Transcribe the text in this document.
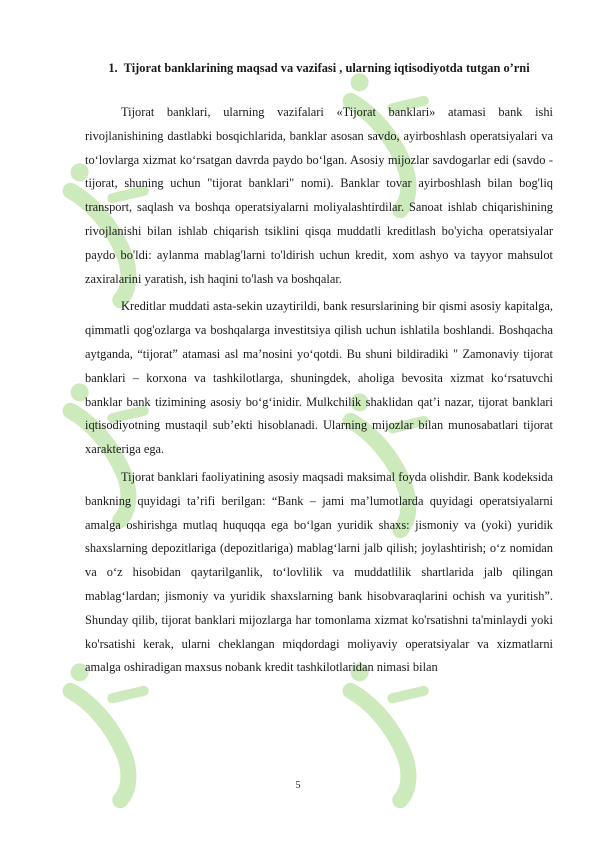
1. Tijorat banklarining maqsad va vazifasi , ularning iqtisodiyotda tutgan o’rni

Tijorat banklari, ularning vazifalari «Tijorat banklari» atamasi bank ishi rivojlanishining dastlabki bosqichlarida, banklar asosan savdo, ayirboshlash operatsiyalari va toʻlovlarga xizmat koʻrsatgan davrda paydo boʻlgan. Asosiy mijozlar savdogarlar edi (savdo - tijorat, shuning uchun "tijorat banklari" nomi). Banklar tovar ayirboshlash bilan bog'liq transport, saqlash va boshqa operatsiyalarni moliyalashtirdilar. Sanoat ishlab chiqarishining rivojlanishi bilan ishlab chiqarish tsiklini qisqa muddatli kreditlash bo'yicha operatsiyalar paydo bo'ldi: aylanma mablag'larni to'ldirish uchun kredit, xom ashyo va tayyor mahsulot zaxiralarini yaratish, ish haqini to'lash va boshqalar.

Kreditlar muddati asta-sekin uzaytirildi, bank resurslarining bir qismi asosiy kapitalga, qimmatli qog'ozlarga va boshqalarga investitsiya qilish uchun ishlatila boshlandi. Boshqacha aytganda, “tijorat” atamasi asl ma’nosini yo‘qotdi. Bu shuni bildiradiki " Zamonaviy tijorat banklari – korxona va tashkilotlarga, shuningdek, aholiga bevosita xizmat ko‘rsatuvchi banklar bank tizimining asosiy bo‘g‘inidir. Mulkchilik shaklidan qat’i nazar, tijorat banklari iqtisodiyotning mustaqil sub’ekti hisoblanadi. Ularning mijozlar bilan munosabatlari tijorat xarakteriga ega.

Tijorat banklari faoliyatining asosiy maqsadi maksimal foyda olishdir. Bank kodeksida bankning quyidagi ta’rifi berilgan: “Bank – jami ma’lumotlarda quyidagi operatsiyalarni amalga oshirishga mutlaq huquqqa ega bo‘lgan yuridik shaxs: jismoniy va (yoki) yuridik shaxslarning depozitlariga (depozitlariga) mablag‘larni jalb qilish; joylashtirish; o‘z nomidan va o‘z hisobidan qaytarilganlik, to‘lovlilik va muddatlilik shartlarida jalb qilingan mablag‘lardan; jismoniy va yuridik shaxslarning bank hisobvaraqlarini ochish va yuritish”. Shunday qilib, tijorat banklari mijozlarga har tomonlama xizmat ko'rsatishni ta'minlaydi yoki ko'rsatishi kerak, ularni cheklangan miqdordagi moliyaviy operatsiyalar va xizmatlarni amalga oshiradigan maxsus nobank kredit tashkilotlaridan nimasi bilan

5
